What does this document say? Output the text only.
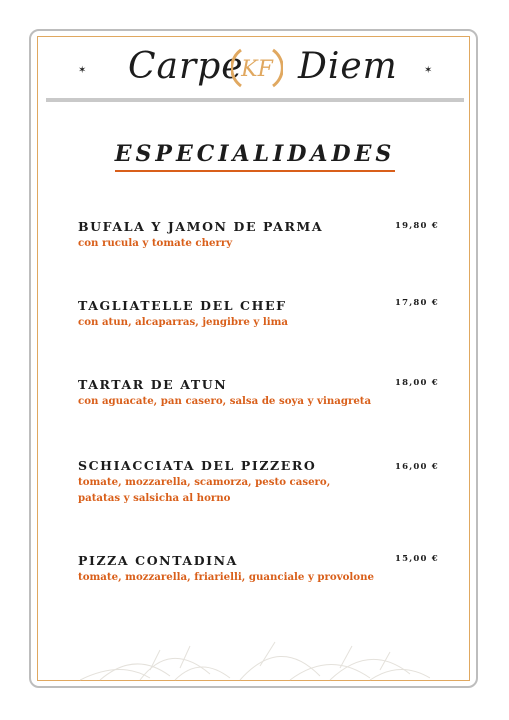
✶ Carpe
KF Diem	✶
ESPECIALIDADES
BUFALA Y JAMON DE PARMA
con rucula y tomate cherry
19,80 €
TAGLIATELLE DEL CHEF
con atun, alcaparras, jengibre y lima
17,80 €
TARTAR DE ATUN
con aguacate, pan casero, salsa de soya y vinagreta
18,00 €
SCHIACCIATA DEL PIZZERO
tomate, mozzarella, scamorza, pesto casero,
patatas y salsicha al horno
16,00 €
PIZZA CONTADINA
tomate, mozzarella, friarielli, guanciale y provolone
15,00 €
